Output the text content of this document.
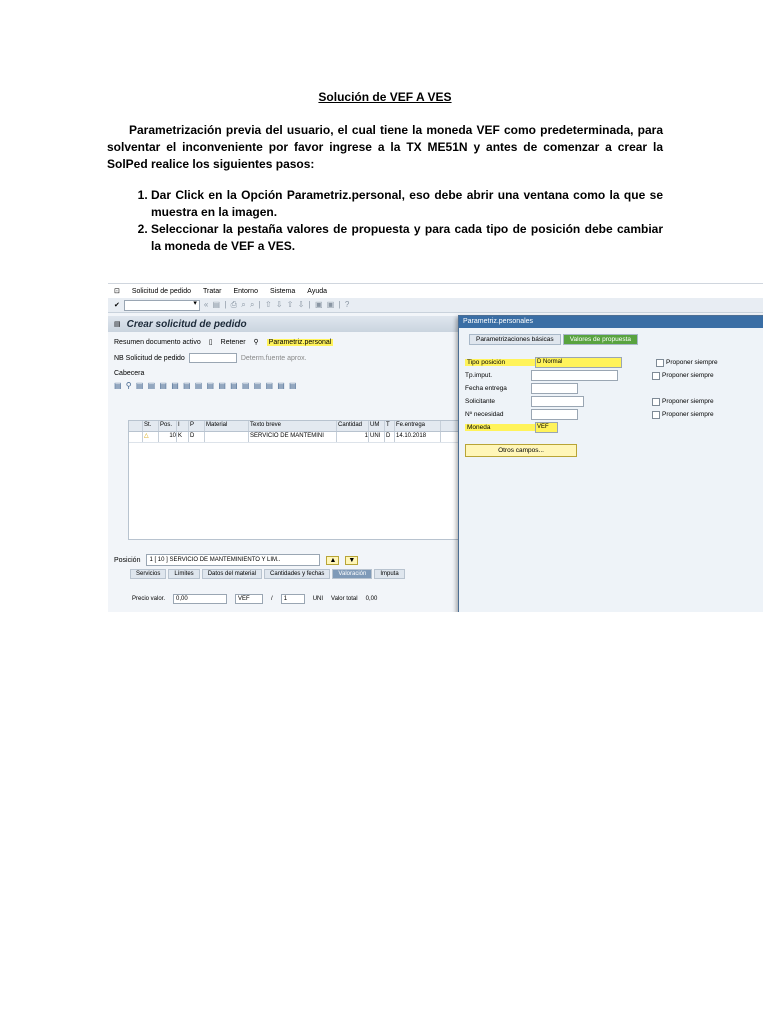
Solución de VEF A VES

Parametrización previa del usuario, el cual tiene la moneda VEF como predeterminada, para solventar el inconveniente por favor ingrese a la TX ME51N y antes de comenzar a crear la SolPed realice los siguientes pasos:

1. Dar Click en la Opción Parametriz.personal, eso debe abrir una ventana como la que se muestra en la imagen.
2. Seleccionar la pestaña valores de propuesta y para cada tipo de posición debe cambiar la moneda de VEF a VES.
⊡ Solicitud de pedido Tratar Entorno Sistema Ayuda
✔
▾	« ▤ | ⎙ ⌕ ⌕ | ⇧ ⇩ ⇧ ⇩ | ▣ ▣ | ?
▤ Crear solicitud de pedido
Resumen documento activo ▯ Retener ⚲ Parametriz.personal
NB Solicitud de pedido	Determ.fuente aprox.
Cabecera
▤ ⚲ ▤ ▤ ▤ ▤ ▤ ▤ ▤ ▤ ▤ ▤ ▤ ▤ ▤ ▤
St.	Pos. I	P	Material	Texto breve	Cantidad	UM	T	Fe.entrega
△	10 K	D	SERVICIO DE MANTEMINI	1 UNI D 14.10.2018
Posición	1 [ 10 ] SERVICIO DE MANTEMINIENTO Y LIM..	▲	▼
Servicios	Límites	Datos del material	Cantidades y fechas	Valoración	Imputa
Precio valor.	0,00	VEF	/	1	UNI Valor total 0,00
Parametriz.personales
Parametrizaciones básicas	Valores de propuesta
Tipo posición	D Normal	Proponer siempre
Tp.imput.	Proponer siempre
Fecha entrega
Solicitante	Proponer siempre
Nº necesidad	Proponer siempre
Moneda	VEF
Otros campos...
